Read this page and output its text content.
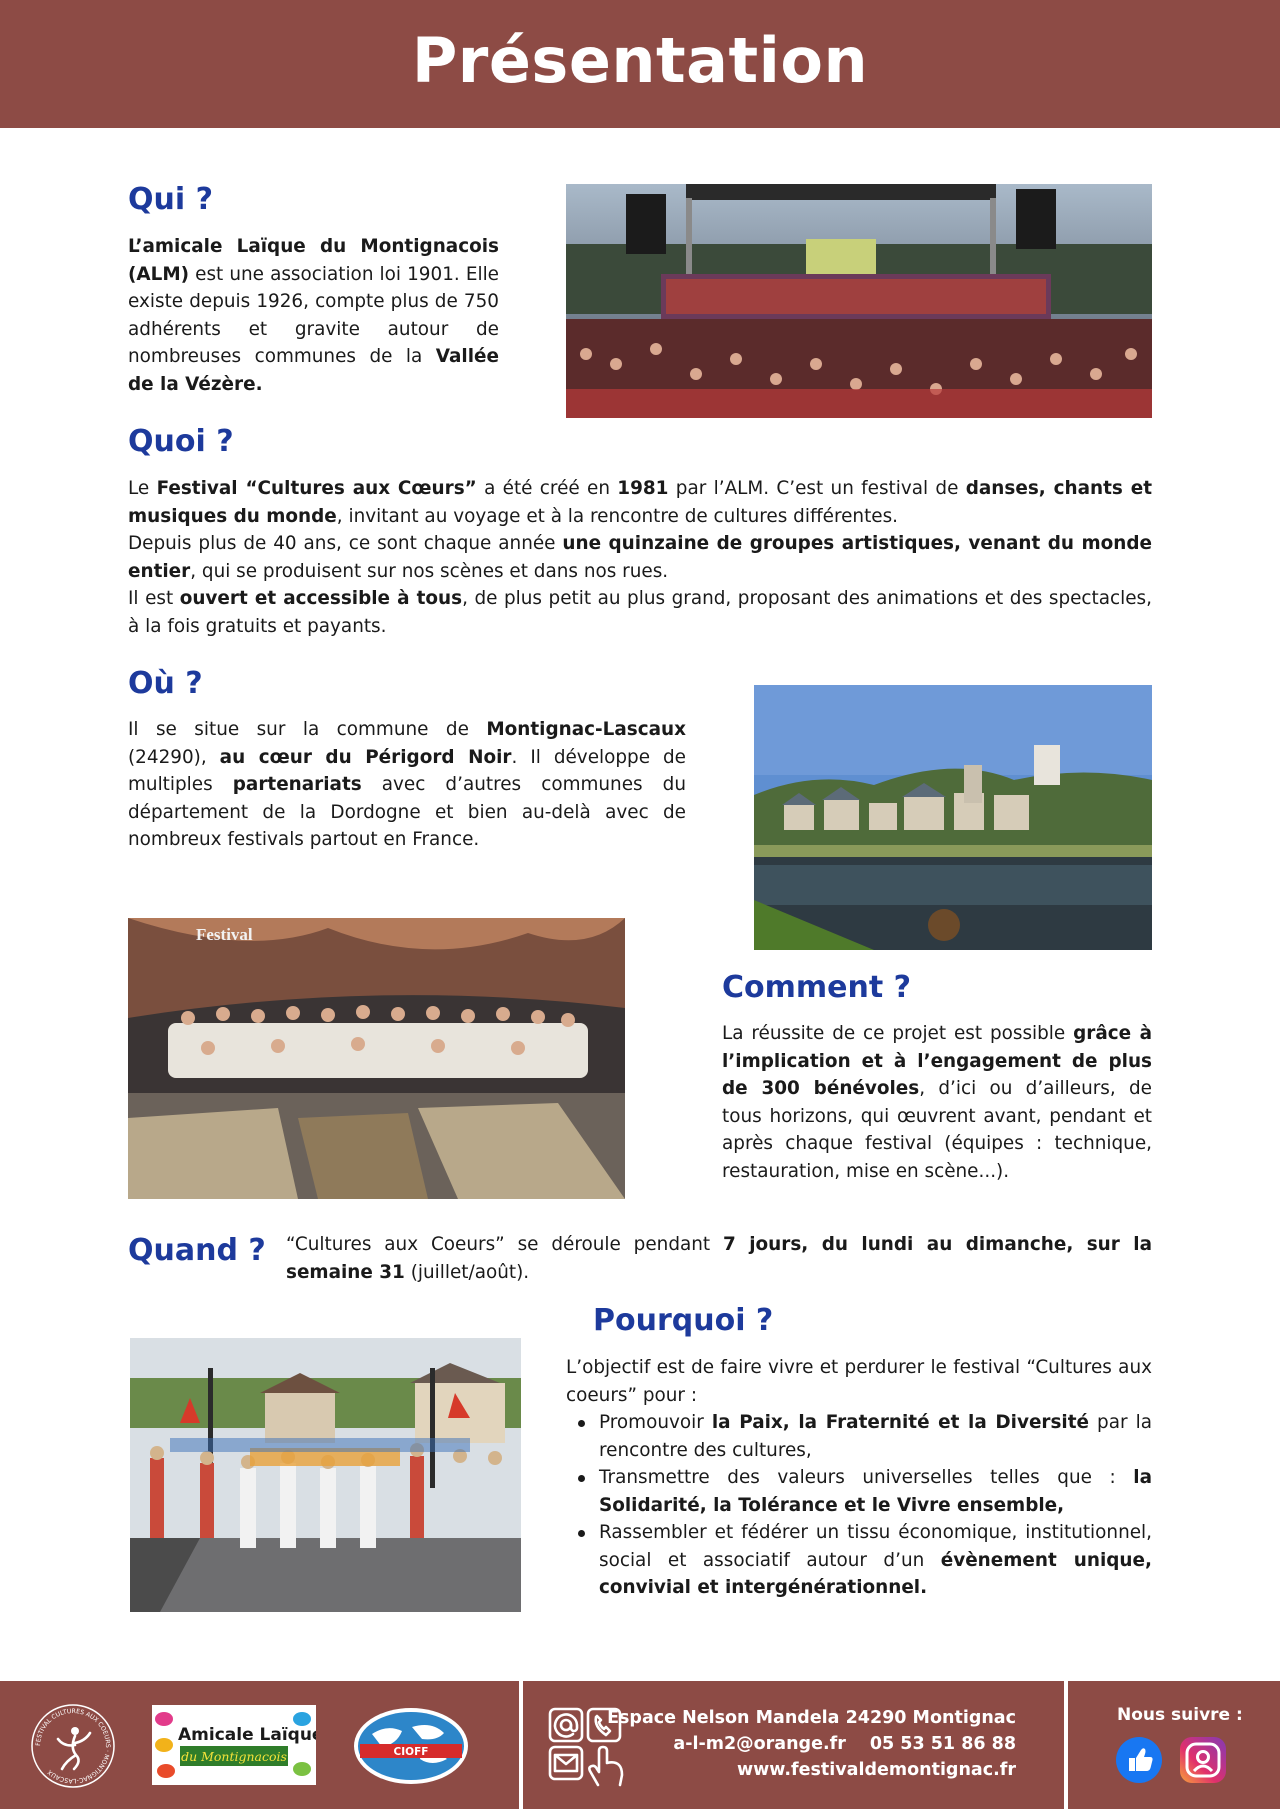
Présentation
Qui ?

L’amicale Laïque du Montignacois (ALM) est une association loi 1901. Elle existe depuis 1926, compte plus de 750 adhérents et gravite autour de nombreuses communes de la Vallée de la Vézère.

Quoi ?

Le Festival “Cultures aux Cœurs” a été créé en 1981 par l’ALM. C’est un festival de danses, chants et musiques du monde, invitant au voyage et à la rencontre de cultures différentes.

Depuis plus de 40 ans, ce sont chaque année une quinzaine de groupes artistiques, venant du monde entier, qui se produisent sur nos scènes et dans nos rues.

Il est ouvert et accessible à tous, de plus petit au plus grand, proposant des animations et des spectacles, à la fois gratuits et payants.

Où ?

Il se situe sur la commune de Montignac-Lascaux (24290), au cœur du Périgord Noir. Il développe de multiples partenariats avec d’autres communes du département de la Dordogne et bien au-delà avec de nombreux festivals partout en France.

Festival
Comment ?

La réussite de ce projet est possible grâce à l’implication et à l’engagement de plus de 300 bénévoles, d’ici ou d’ailleurs, de tous horizons, qui œuvrent avant, pendant et après chaque festival (équipes : technique, restauration, mise en scène...).

Quand ? “Cultures aux Coeurs” se déroule pendant 7 jours, du lundi au dimanche, sur la semaine 31 (juillet/août).

Pourquoi ?
L’objectif est de faire vivre et perdurer le festival “Cultures aux coeurs” pour :
Promouvoir la Paix, la Fraternité et la Diversité par la rencontre des cultures,
Transmettre des valeurs universelles telles que : la Solidarité, la Tolérance et le Vivre ensemble,
Rassembler et fédérer un tissu économique, institutionnel, social et associatif autour d’un évènement unique, convivial et intergénérationnel.
FESTIVAL CULTURES AUX COEURS · MONTIGNAC-LASCAUX
Amicale Laïque
du Montignacois	CIOFF
Espace Nelson Mandela 24290 Montignac
a-l-m2@orange.fr 05 53 51 86 88
www.festivaldemontignac.fr
Nous suivre :
